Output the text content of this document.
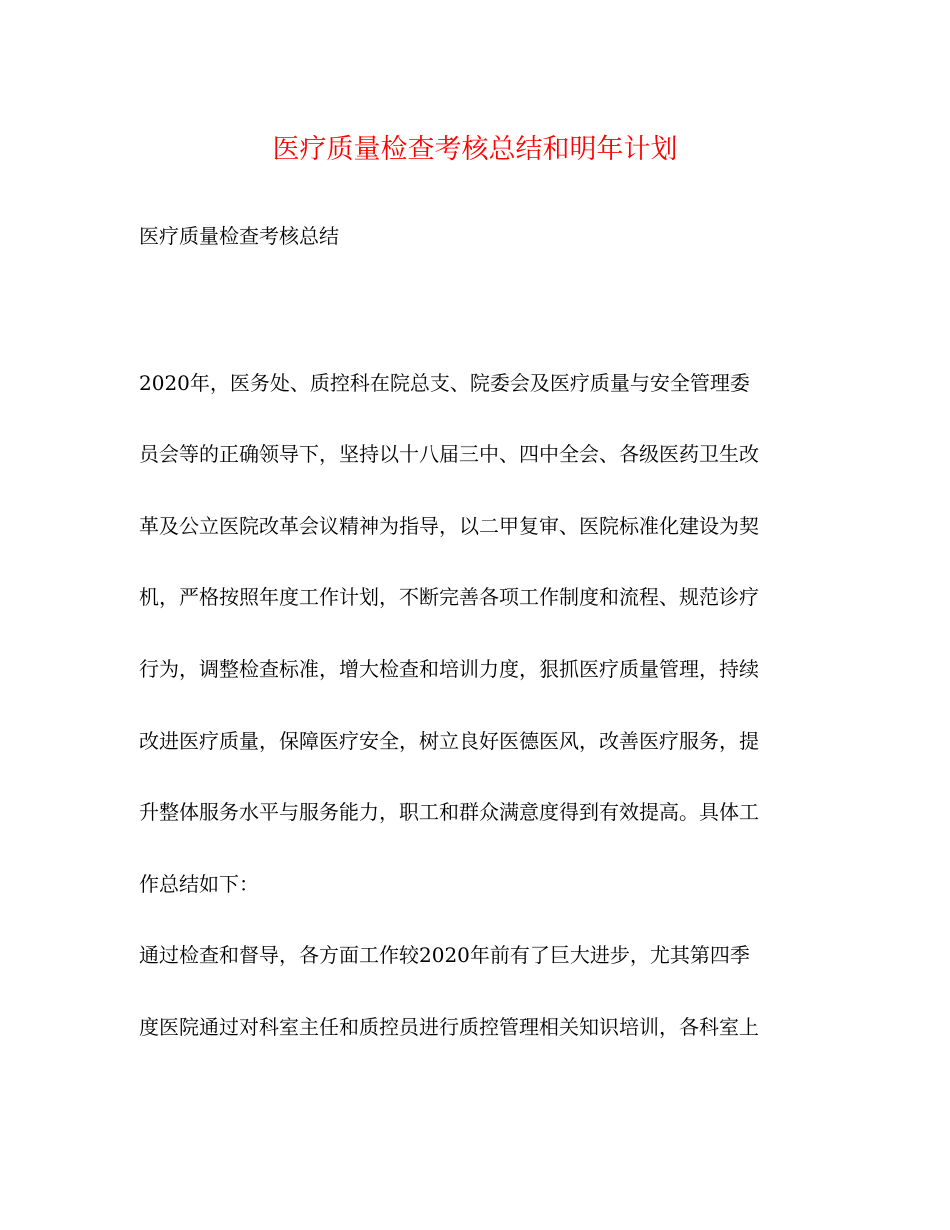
医疗质量检查考核总结和明年计划
医疗质量检查考核总结

2020年，医务处、质控科在院总支、院委会及医疗质量与安全管理委

员会等的正确领导下，坚持以十八届三中、四中全会、各级医药卫生改

革及公立医院改革会议精神为指导，以二甲复审、医院标准化建设为契

机，严格按照年度工作计划，不断完善各项工作制度和流程、规范诊疗

行为，调整检查标准，增大检查和培训力度，狠抓医疗质量管理，持续

改进医疗质量，保障医疗安全，树立良好医德医风，改善医疗服务，提

升整体服务水平与服务能力，职工和群众满意度得到有效提高。具体工

作总结如下：

通过检查和督导，各方面工作较2020年前有了巨大进步，尤其第四季

度医院通过对科室主任和质控员进行质控管理相关知识培训，各科室上
